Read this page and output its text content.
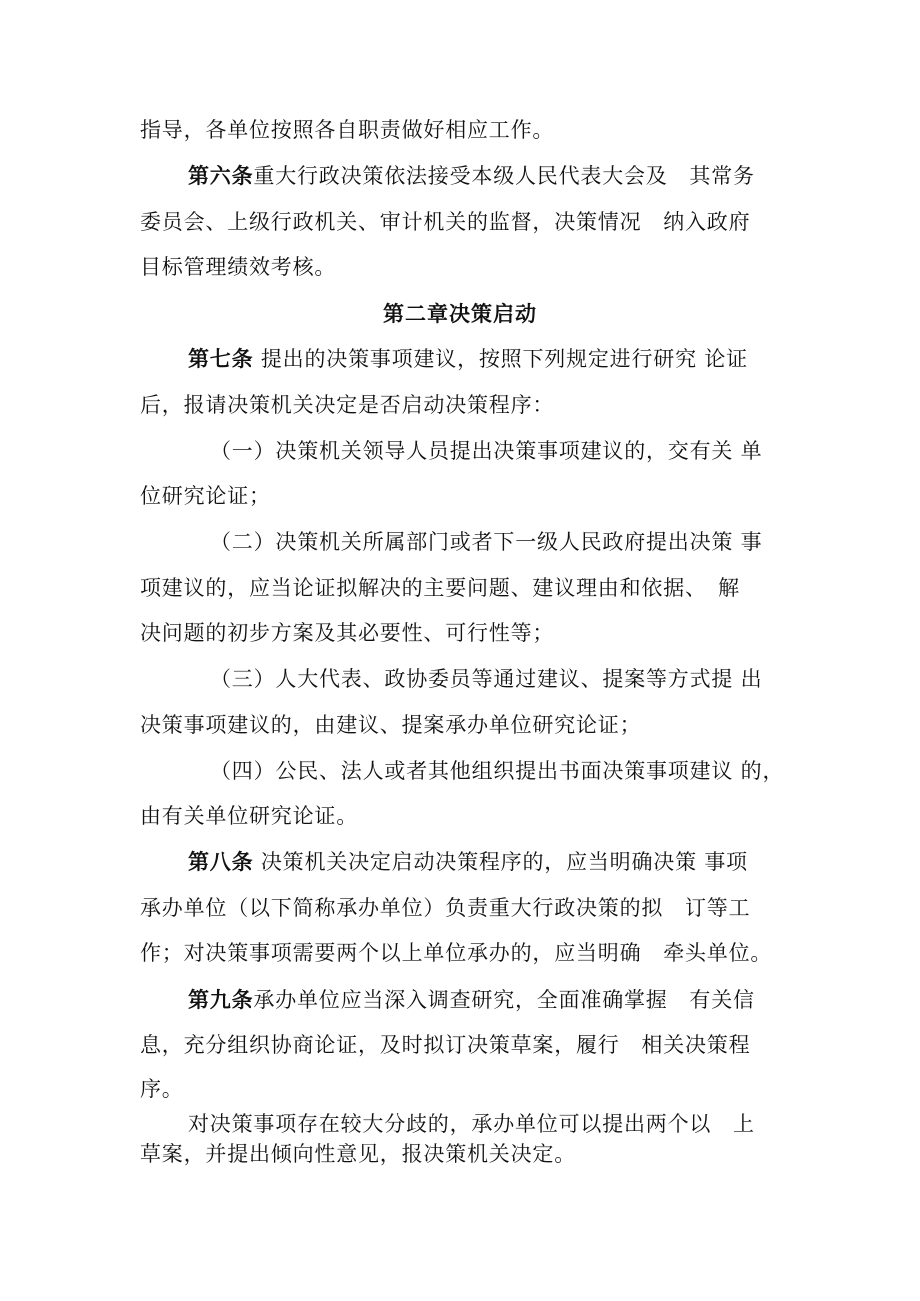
指导，各单位按照各自职责做好相应工作。
第六条重大行政决策依法接受本级人民代表大会及　其常务
委员会、上级行政机关、审计机关的监督，决策情况　纳入政府
目标管理绩效考核。
第二章决策启动
第七条 提出的决策事项建议，按照下列规定进行研究 论证
后，报请决策机关决定是否启动决策程序：
（一）决策机关领导人员提出决策事项建议的，交有关 单
位研究论证；
（二）决策机关所属部门或者下一级人民政府提出决策 事
项建议的，应当论证拟解决的主要问题、建议理由和依据、　解
决问题的初步方案及其必要性、可行性等；
（三）人大代表、政协委员等通过建议、提案等方式提 出
决策事项建议的，由建议、提案承办单位研究论证；
（四）公民、法人或者其他组织提出书面决策事项建议 的，
由有关单位研究论证。
第八条 决策机关决定启动决策程序的，应当明确决策 事项
承办单位（以下简称承办单位）负责重大行政决策的拟　订等工
作；对决策事项需要两个以上单位承办的，应当明确　牵头单位。
第九条承办单位应当深入调查研究，全面准确掌握　有关信
息，充分组织协商论证，及时拟订决策草案，履行　相关决策程
序。
对决策事项存在较大分歧的，承办单位可以提出两个以　上
草案，并提出倾向性意见，报决策机关决定。
